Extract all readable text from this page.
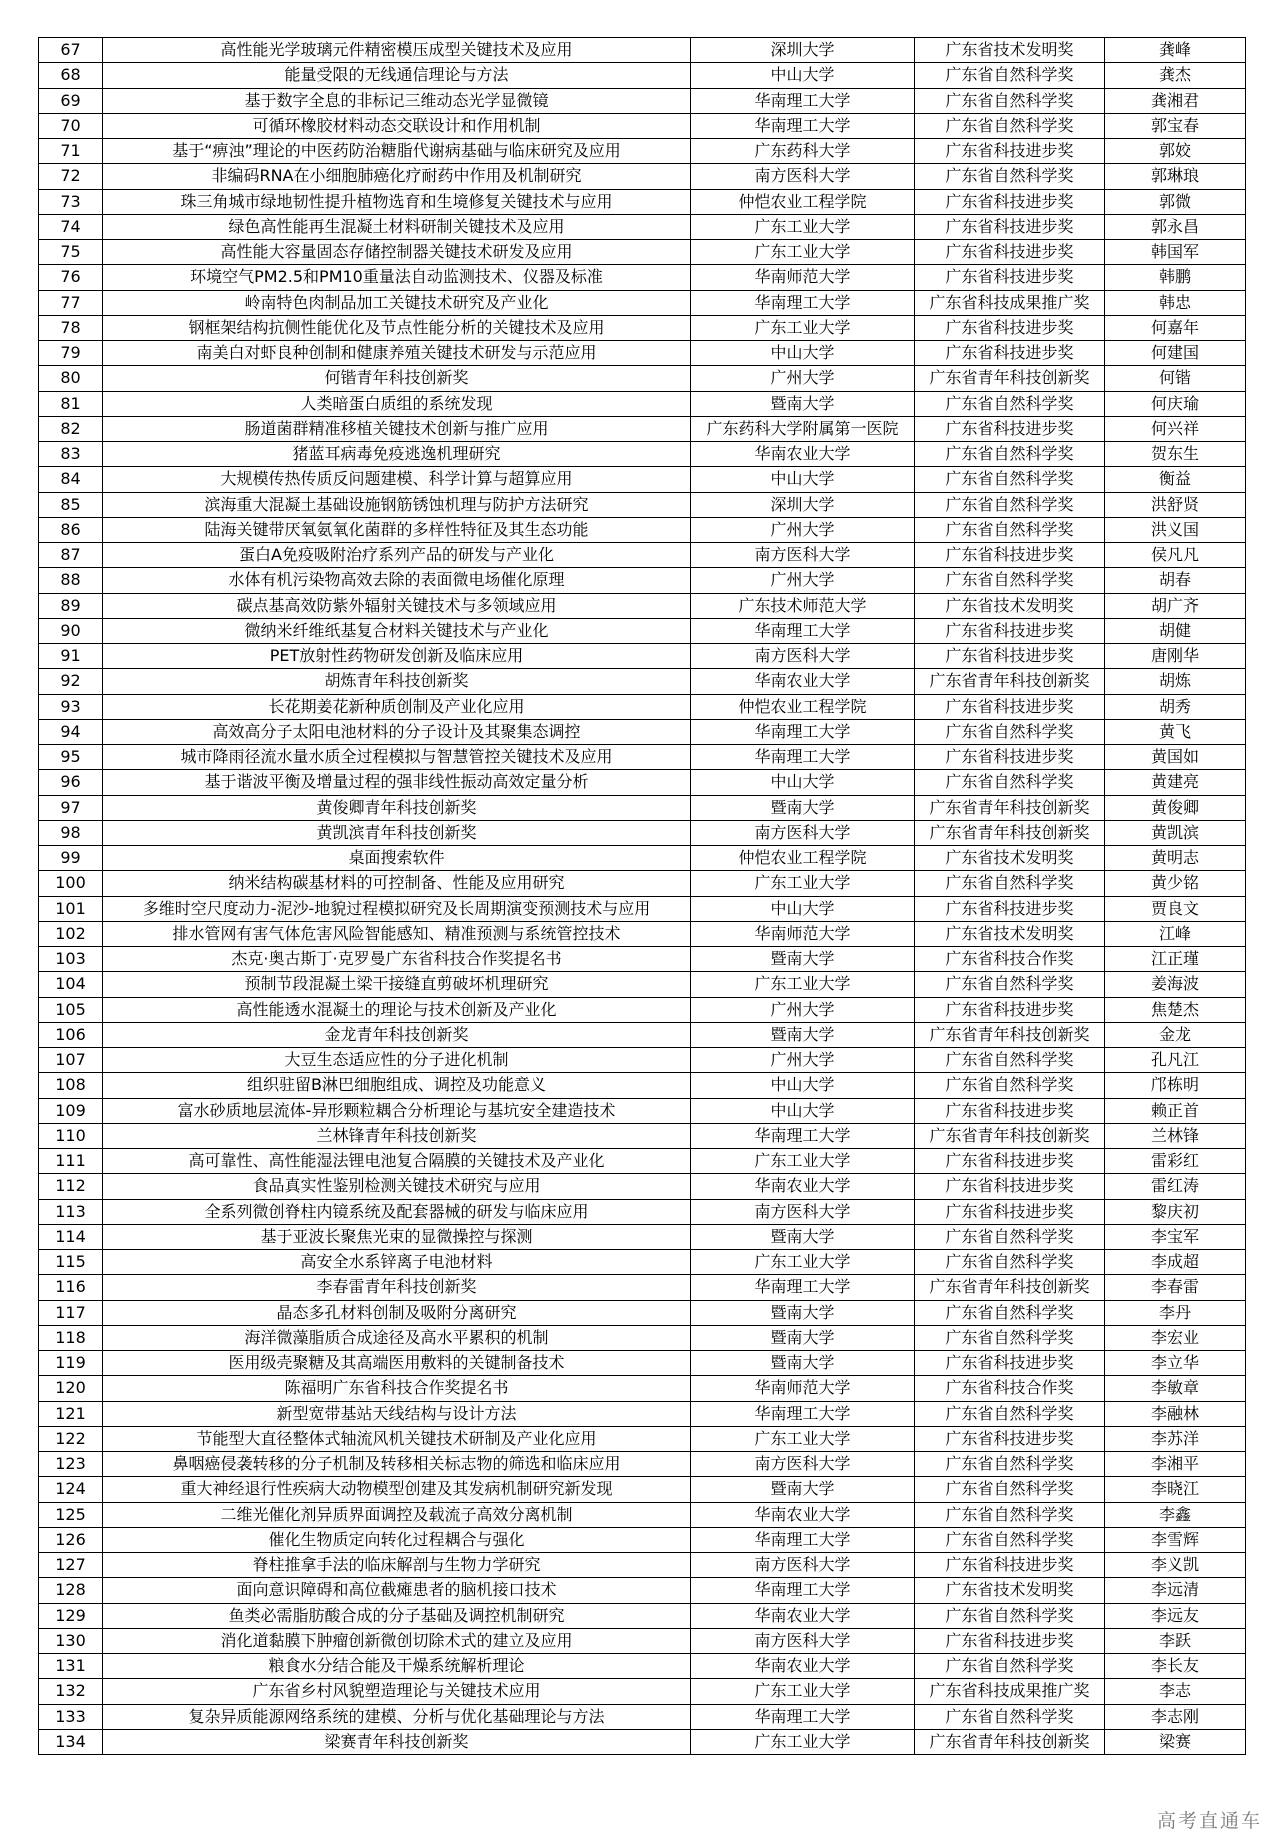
67	高性能光学玻璃元件精密模压成型关键技术及应用	深圳大学	广东省技术发明奖	龚峰
68	能量受限的无线通信理论与方法	中山大学	广东省自然科学奖	龚杰
69	基于数字全息的非标记三维动态光学显微镜	华南理工大学	广东省自然科学奖	龚湘君
70	可循环橡胶材料动态交联设计和作用机制	华南理工大学	广东省自然科学奖	郭宝春
71	基于“痹浊”理论的中医药防治糖脂代谢病基础与临床研究及应用	广东药科大学	广东省科技进步奖	郭姣
72	非编码RNA在小细胞肺癌化疗耐药中作用及机制研究	南方医科大学	广东省自然科学奖	郭琳琅
73	珠三角城市绿地韧性提升植物选育和生境修复关键技术与应用	仲恺农业工程学院	广东省科技进步奖	郭微
74	绿色高性能再生混凝土材料研制关键技术及应用	广东工业大学	广东省科技进步奖	郭永昌
75	高性能大容量固态存储控制器关键技术研发及应用	广东工业大学	广东省科技进步奖	韩国军
76	环境空气PM2.5和PM10重量法自动监测技术、仪器及标准	华南师范大学	广东省科技进步奖	韩鹏
77	岭南特色肉制品加工关键技术研究及产业化	华南理工大学	广东省科技成果推广奖	韩忠
78	钢框架结构抗侧性能优化及节点性能分析的关键技术及应用	广东工业大学	广东省科技进步奖	何嘉年
79	南美白对虾良种创制和健康养殖关键技术研发与示范应用	中山大学	广东省科技进步奖	何建国
80	何锴青年科技创新奖	广州大学	广东省青年科技创新奖	何锴
81	人类暗蛋白质组的系统发现	暨南大学	广东省自然科学奖	何庆瑜
82	肠道菌群精准移植关键技术创新与推广应用	广东药科大学附属第一医院	广东省科技进步奖	何兴祥
83	猪蓝耳病毒免疫逃逸机理研究	华南农业大学	广东省自然科学奖	贺东生
84	大规模传热传质反问题建模、科学计算与超算应用	中山大学	广东省自然科学奖	衡益
85	滨海重大混凝土基础设施钢筋锈蚀机理与防护方法研究	深圳大学	广东省自然科学奖	洪舒贤
86	陆海关键带厌氧氨氧化菌群的多样性特征及其生态功能	广州大学	广东省自然科学奖	洪义国
87	蛋白A免疫吸附治疗系列产品的研发与产业化	南方医科大学	广东省科技进步奖	侯凡凡
88	水体有机污染物高效去除的表面微电场催化原理	广州大学	广东省自然科学奖	胡春
89	碳点基高效防紫外辐射关键技术与多领域应用	广东技术师范大学	广东省技术发明奖	胡广齐
90	微纳米纤维纸基复合材料关键技术与产业化	华南理工大学	广东省科技进步奖	胡健
91	PET放射性药物研发创新及临床应用	南方医科大学	广东省科技进步奖	唐刚华
92	胡炼青年科技创新奖	华南农业大学	广东省青年科技创新奖	胡炼
93	长花期姜花新种质创制及产业化应用	仲恺农业工程学院	广东省科技进步奖	胡秀
94	高效高分子太阳电池材料的分子设计及其聚集态调控	华南理工大学	广东省自然科学奖	黄飞
95	城市降雨径流水量水质全过程模拟与智慧管控关键技术及应用	华南理工大学	广东省科技进步奖	黄国如
96	基于谐波平衡及增量过程的强非线性振动高效定量分析	中山大学	广东省自然科学奖	黄建亮
97	黄俊卿青年科技创新奖	暨南大学	广东省青年科技创新奖	黄俊卿
98	黄凯滨青年科技创新奖	南方医科大学	广东省青年科技创新奖	黄凯滨
99	桌面搜索软件	仲恺农业工程学院	广东省技术发明奖	黄明志
100	纳米结构碳基材料的可控制备、性能及应用研究	广东工业大学	广东省自然科学奖	黄少铭
101	多维时空尺度动力-泥沙-地貌过程模拟研究及长周期演变预测技术与应用	中山大学	广东省科技进步奖	贾良文
102	排水管网有害气体危害风险智能感知、精准预测与系统管控技术	华南师范大学	广东省技术发明奖	江峰
103	杰克·奥古斯丁·克罗曼广东省科技合作奖提名书	暨南大学	广东省科技合作奖	江正瑾
104	预制节段混凝土梁干接缝直剪破坏机理研究	广东工业大学	广东省自然科学奖	姜海波
105	高性能透水混凝土的理论与技术创新及产业化	广州大学	广东省科技进步奖	焦楚杰
106	金龙青年科技创新奖	暨南大学	广东省青年科技创新奖	金龙
107	大豆生态适应性的分子进化机制	广州大学	广东省自然科学奖	孔凡江
108	组织驻留B淋巴细胞组成、调控及功能意义	中山大学	广东省自然科学奖	邝栋明
109	富水砂质地层流体-异形颗粒耦合分析理论与基坑安全建造技术	中山大学	广东省科技进步奖	赖正首
110	兰林锋青年科技创新奖	华南理工大学	广东省青年科技创新奖	兰林锋
111	高可靠性、高性能湿法锂电池复合隔膜的关键技术及产业化	广东工业大学	广东省科技进步奖	雷彩红
112	食品真实性鉴别检测关键技术研究与应用	华南农业大学	广东省科技进步奖	雷红涛
113	全系列微创脊柱内镜系统及配套器械的研发与临床应用	南方医科大学	广东省科技进步奖	黎庆初
114	基于亚波长聚焦光束的显微操控与探测	暨南大学	广东省自然科学奖	李宝军
115	高安全水系锌离子电池材料	广东工业大学	广东省自然科学奖	李成超
116	李春雷青年科技创新奖	华南理工大学	广东省青年科技创新奖	李春雷
117	晶态多孔材料创制及吸附分离研究	暨南大学	广东省自然科学奖	李丹
118	海洋微藻脂质合成途径及高水平累积的机制	暨南大学	广东省自然科学奖	李宏业
119	医用级壳聚糖及其高端医用敷料的关键制备技术	暨南大学	广东省科技进步奖	李立华
120	陈福明广东省科技合作奖提名书	华南师范大学	广东省科技合作奖	李敏章
121	新型宽带基站天线结构与设计方法	华南理工大学	广东省自然科学奖	李融林
122	节能型大直径整体式轴流风机关键技术研制及产业化应用	广东工业大学	广东省科技进步奖	李苏洋
123	鼻咽癌侵袭转移的分子机制及转移相关标志物的筛选和临床应用	南方医科大学	广东省自然科学奖	李湘平
124	重大神经退行性疾病大动物模型创建及其发病机制研究新发现	暨南大学	广东省自然科学奖	李晓江
125	二维光催化剂异质界面调控及载流子高效分离机制	华南农业大学	广东省自然科学奖	李鑫
126	催化生物质定向转化过程耦合与强化	华南理工大学	广东省自然科学奖	李雪辉
127	脊柱推拿手法的临床解剖与生物力学研究	南方医科大学	广东省科技进步奖	李义凯
128	面向意识障碍和高位截瘫患者的脑机接口技术	华南理工大学	广东省技术发明奖	李远清
129	鱼类必需脂肪酸合成的分子基础及调控机制研究	华南农业大学	广东省自然科学奖	李远友
130	消化道黏膜下肿瘤创新微创切除术式的建立及应用	南方医科大学	广东省科技进步奖	李跃
131	粮食水分结合能及干燥系统解析理论	华南农业大学	广东省自然科学奖	李长友
132	广东省乡村风貌塑造理论与关键技术应用	广东工业大学	广东省科技成果推广奖	李志
133	复杂异质能源网络系统的建模、分析与优化基础理论与方法	华南理工大学	广东省自然科学奖	李志刚
134	梁赛青年科技创新奖	广东工业大学	广东省青年科技创新奖	梁赛
高考直通车
